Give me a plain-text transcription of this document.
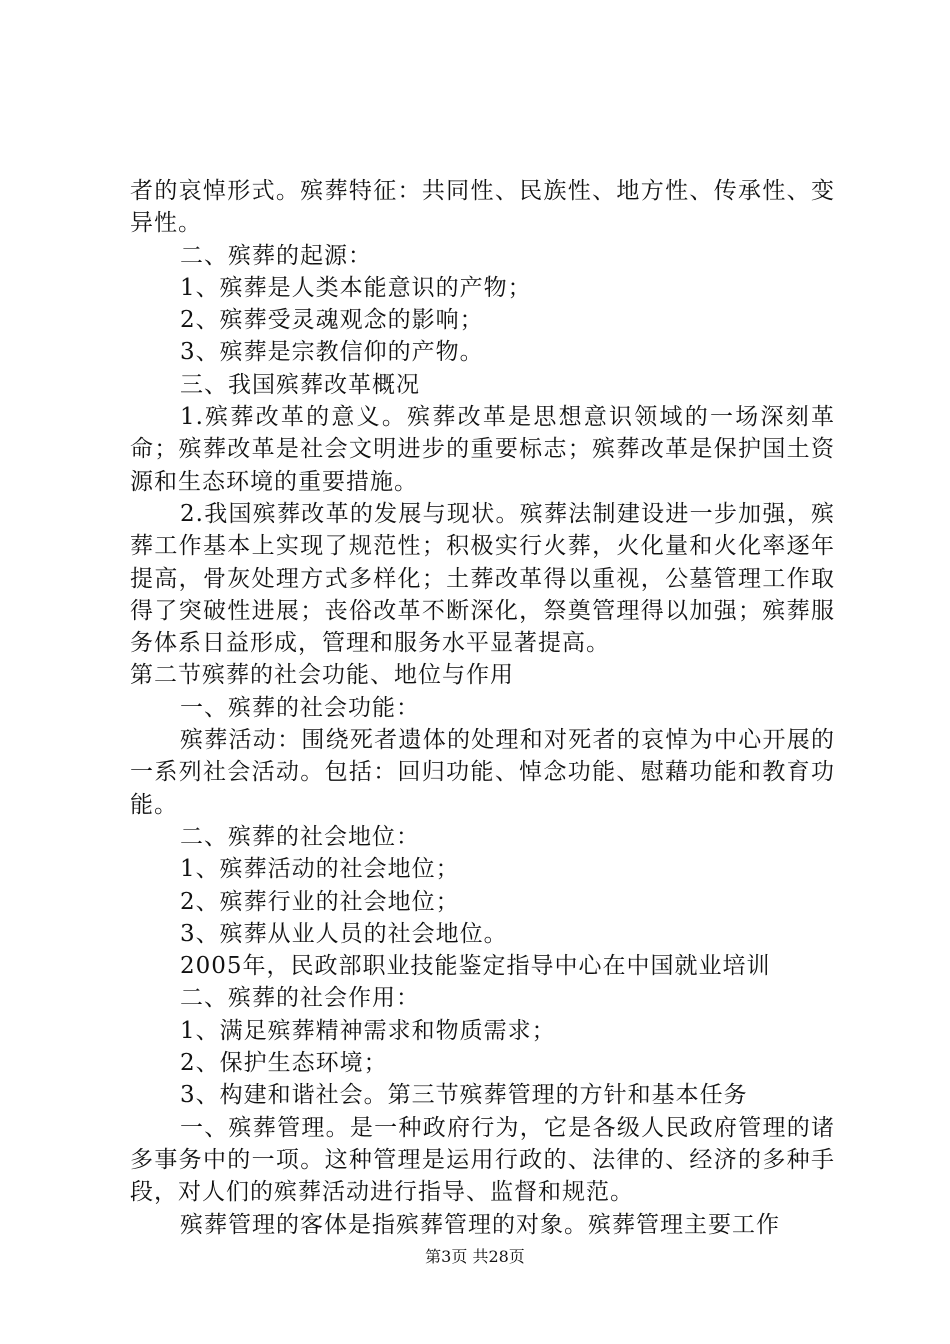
者的哀悼形式。殡葬特征：共同性、民族性、地方性、传承性、变异性。

二、殡葬的起源：

1、殡葬是人类本能意识的产物；

2、殡葬受灵魂观念的影响；

3、殡葬是宗教信仰的产物。

三、我国殡葬改革概况

1.殡葬改革的意义。殡葬改革是思想意识领域的一场深刻革命；殡葬改革是社会文明进步的重要标志；殡葬改革是保护国土资源和生态环境的重要措施。

2.我国殡葬改革的发展与现状。殡葬法制建设进一步加强，殡葬工作基本上实现了规范性；积极实行火葬，火化量和火化率逐年提高，骨灰处理方式多样化；土葬改革得以重视，公墓管理工作取得了突破性进展；丧俗改革不断深化，祭奠管理得以加强；殡葬服务体系日益形成，管理和服务水平显著提高。

第二节殡葬的社会功能、地位与作用

一、殡葬的社会功能：

殡葬活动：围绕死者遗体的处理和对死者的哀悼为中心开展的一系列社会活动。包括：回归功能、悼念功能、慰藉功能和教育功能。

二、殡葬的社会地位：

1、殡葬活动的社会地位；

2、殡葬行业的社会地位；

3、殡葬从业人员的社会地位。

2005年，民政部职业技能鉴定指导中心在中国就业培训

二、殡葬的社会作用：

1、满足殡葬精神需求和物质需求；

2、保护生态环境；

3、构建和谐社会。第三节殡葬管理的方针和基本任务

一、殡葬管理。是一种政府行为，它是各级人民政府管理的诸多事务中的一项。这种管理是运用行政的、法律的、经济的多种手段，对人们的殡葬活动进行指导、监督和规范。

殡葬管理的客体是指殡葬管理的对象。殡葬管理主要工作

第3页 共28页
